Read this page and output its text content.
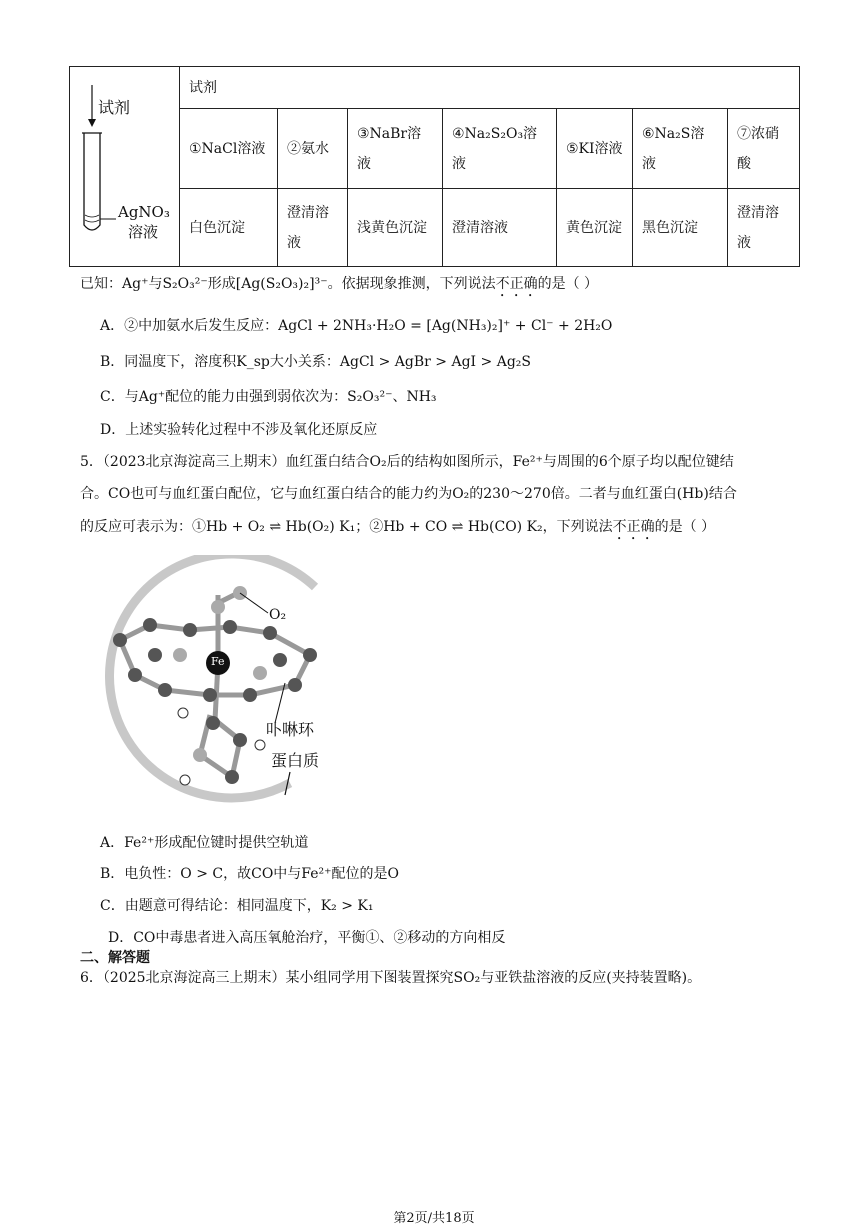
试剂
AgNO₃
溶液	试剂						
	①NaCl溶液	②氨水	③NaBr溶液	④Na₂S₂O₃溶液	⑤KI溶液	⑥Na₂S溶液	⑦浓硝酸
	白色沉淀	澄清溶液	浅黄色沉淀	澄清溶液	黄色沉淀	黑色沉淀	澄清溶液
已知：Ag⁺与S₂O₃²⁻形成[Ag(S₂O₃)₂]³⁻。依据现象推测，下列说法不正确的是（ ）
A．②中加氨水后发生反应：AgCl + 2NH₃·H₂O = [Ag(NH₃)₂]⁺ + Cl⁻ + 2H₂O
B．同温度下，溶度积K_sp大小关系：AgCl > AgBr > AgI > Ag₂S
C．与Ag⁺配位的能力由强到弱依次为：S₂O₃²⁻、NH₃
D．上述实验转化过程中不涉及氧化还原反应
5．（2023北京海淀高三上期末）血红蛋白结合O₂后的结构如图所示，Fe²⁺与周围的6个原子均以配位键结
合。CO也可与血红蛋白配位，它与血红蛋白结合的能力约为O₂的230～270倍。二者与血红蛋白(Hb)结合
的反应可表示为：①Hb + O₂ ⇌ Hb(O₂) K₁；②Hb + CO ⇌ Hb(CO) K₂，下列说法不正确的是（ ）
O₂
Fe
卟啉环
蛋白质
A．Fe²⁺形成配位键时提供空轨道
B．电负性：O > C，故CO中与Fe²⁺配位的是O
C．由题意可得结论：相同温度下，K₂ > K₁
D．CO中毒患者进入高压氧舱治疗，平衡①、②移动的方向相反
二、解答题
6．（2025北京海淀高三上期末）某小组同学用下图装置探究SO₂与亚铁盐溶液的反应(夹持装置略)。
第2页/共18页
